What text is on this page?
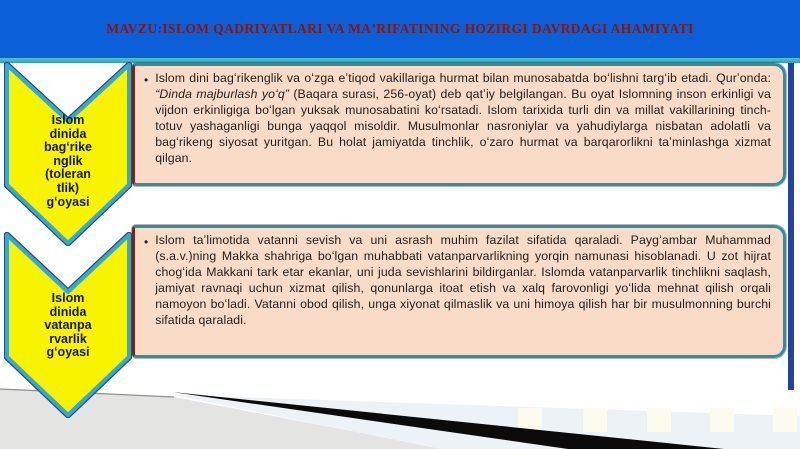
MAVZU:ISLOM QADRIYATLARI VA MAʼRIFATINING HOZIRGI DAVRDAGI AHAMIYATI
• Islom dini bagʻrikenglik va oʻzga eʼtiqod vakillariga hurmat bilan munosabatda boʻlishni targʻib etadi. Qurʼonda: “Dinda majburlash yoʻq” (Baqara surasi, 256-oyat) deb qatʼiy belgilangan. Bu oyat Islomning inson erkinligi va vijdon erkinligiga boʻlgan yuksak munosabatini koʻrsatadi. Islom tarixida turli din va millat vakillarining tinch-totuv yashaganligi bunga yaqqol misoldir. Musulmonlar nasroniylar va yahudiylarga nisbatan adolatli va bagʻrikeng siyosat yuritgan. Bu holat jamiyatda tinchlik, oʻzaro hurmat va barqarorlikni taʼminlashga xizmat qilgan.

• Islom taʼlimotida vatanni sevish va uni asrash muhim fazilat sifatida qaraladi. Paygʻambar Muhammad (s.a.v.)ning Makka shahriga boʻlgan muhabbati vatanparvarlikning yorqin namunasi hisoblanadi. U zot hijrat chogʻida Makkani tark etar ekanlar, uni juda sevishlarini bildirganlar. Islomda vatanparvarlik tinchlikni saqlash, jamiyat ravnaqi uchun xizmat qilish, qonunlarga itoat etish va xalq farovonligi yoʻlida mehnat qilish orqali namoyon boʻladi. Vatanni obod qilish, unga xiyonat qilmaslik va uni himoya qilish har bir musulmonning burchi sifatida qaraladi.

Islom
dinida
bagʻrike
nglik
(toleran
tlik)
gʻoyasi
Islom
dinida
vatanpa
rvarlik
gʻoyasi
